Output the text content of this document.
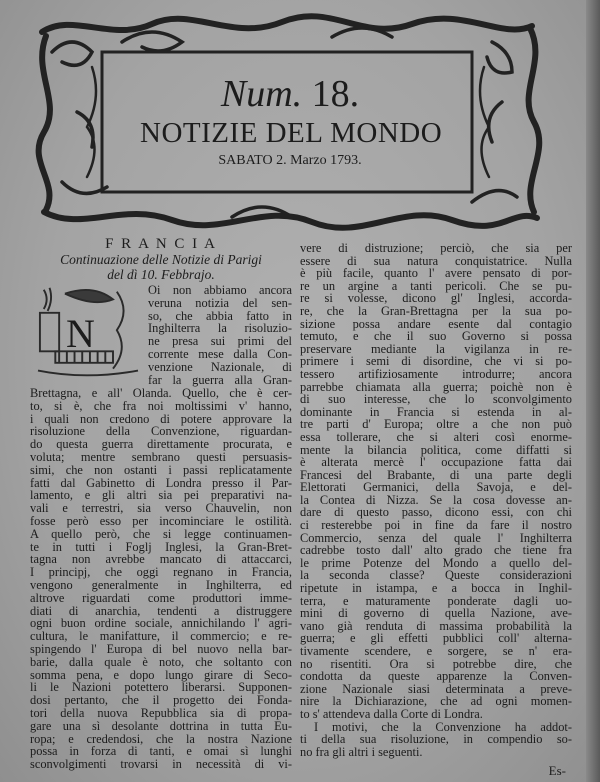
Num. 18.
NOTIZIE DEL MONDO
SABATO 2. Marzo 1793.
F R A N C I A
Continuazione delle Notizie di Parigi
del dì 10. Febbrajo.
N
Oi non abbiamo ancora
veruna notizia del sen-
so, che abbia fatto in
Inghilterra la risoluzio-
ne presa sui primi del
corrente mese dalla Con-
venzione Nazionale, di
far la guerra alla Gran-
Brettagna, e all' Olanda. Quello, che è cer-
to, si è, che fra noi moltissimi v' hanno,
i quali non credono di potere approvare la
risoluzione della Convenzione, riguardan-
do questa guerra direttamente procurata, e
voluta; mentre sembrano questi persuasis-
simi, che non ostanti i passi replicatamente
fatti dal Gabinetto di Londra presso il Par-
lamento, e gli altri sia pei preparativi na-
vali e terrestri, sia verso Chauvelin, non
fosse però esso per incominciare le ostilità.
A quello però, che si legge continuamen-
te in tutti i Foglj Inglesi, la Gran-Bret-
tagna non avrebbe mancato di attaccarci,
I principj, che oggi regnano in Francia,
vengono generalmente in Inghilterra, ed
altrove riguardati come produttori imme-
diati di anarchia, tendenti a distruggere
ogni buon ordine sociale, annichilando l' agri-
cultura, le manifatture, il commercio; e re-
spingendo l' Europa di bel nuovo nella bar-
barie, dalla quale è noto, che soltanto con
somma pena, e dopo lungo girare di Seco-
li le Nazioni potettero liberarsi. Supponen-
dosi pertanto, che il progetto dei Fonda-
tori della nuova Repubblica sia di propa-
gare una sì desolante dottrina in tutta Eu-
ropa; e credendosi, che la nostra Nazione
possa in forza di tanti, e omai sì lunghi
sconvolgimenti trovarsi in necessità di vi-
vere di distruzione; perciò, che sia per
essere di sua natura conquistatrice. Nulla
è più facile, quanto l' avere pensato di por-
re un argine a tanti pericoli. Che se pu-
re si volesse, dicono gl' Inglesi, accorda-
re, che la Gran-Brettagna per la sua po-
sizione possa andare esente dal contagio
temuto, e che il suo Governo si possa
preservare mediante la vigilanza in re-
primere i semi di disordine, che vi si po-
tessero artifiziosamente introdurre; ancora
parrebbe chiamata alla guerra; poichè non è
di suo interesse, che lo sconvolgimento
dominante in Francia si estenda in al-
tre parti d' Europa; oltre a che non può
essa tollerare, che si alteri così enorme-
mente la bilancia politica, come diffatti si
è alterata mercè l' occupazione fatta dai
Francesi del Brabante, di una parte degli
Elettorati Germanici, della Savoja, e del-
la Contea di Nizza. Se la cosa dovesse an-
dare di questo passo, dicono essi, con chi
ci resterebbe poi in fine da fare il nostro
Commercio, senza del quale l' Inghilterra
cadrebbe tosto dall' alto grado che tiene fra
le prime Potenze del Mondo a quello del-
la seconda classe? Queste considerazioni
ripetute in istampa, e a bocca in Inghil-
terra, e maturamente ponderate dagli uo-
mini di governo di quella Nazione, ave-
vano già renduta di massima probabilità la
guerra; e gli effetti pubblici coll' alterna-
tivamente scendere, e sorgere, se n' era-
no risentiti. Ora si potrebbe dire, che
condotta da queste apparenze la Conven-
zione Nazionale siasi determinata a preve-
nire la Dichiarazione, che ad ogni momen-
to s' attendeva dalla Corte di Londra.
I motivi, che la Convenzione ha addot-
ti della sua risoluzione, in compendio so-
no fra gli altri i seguenti.
Es-
